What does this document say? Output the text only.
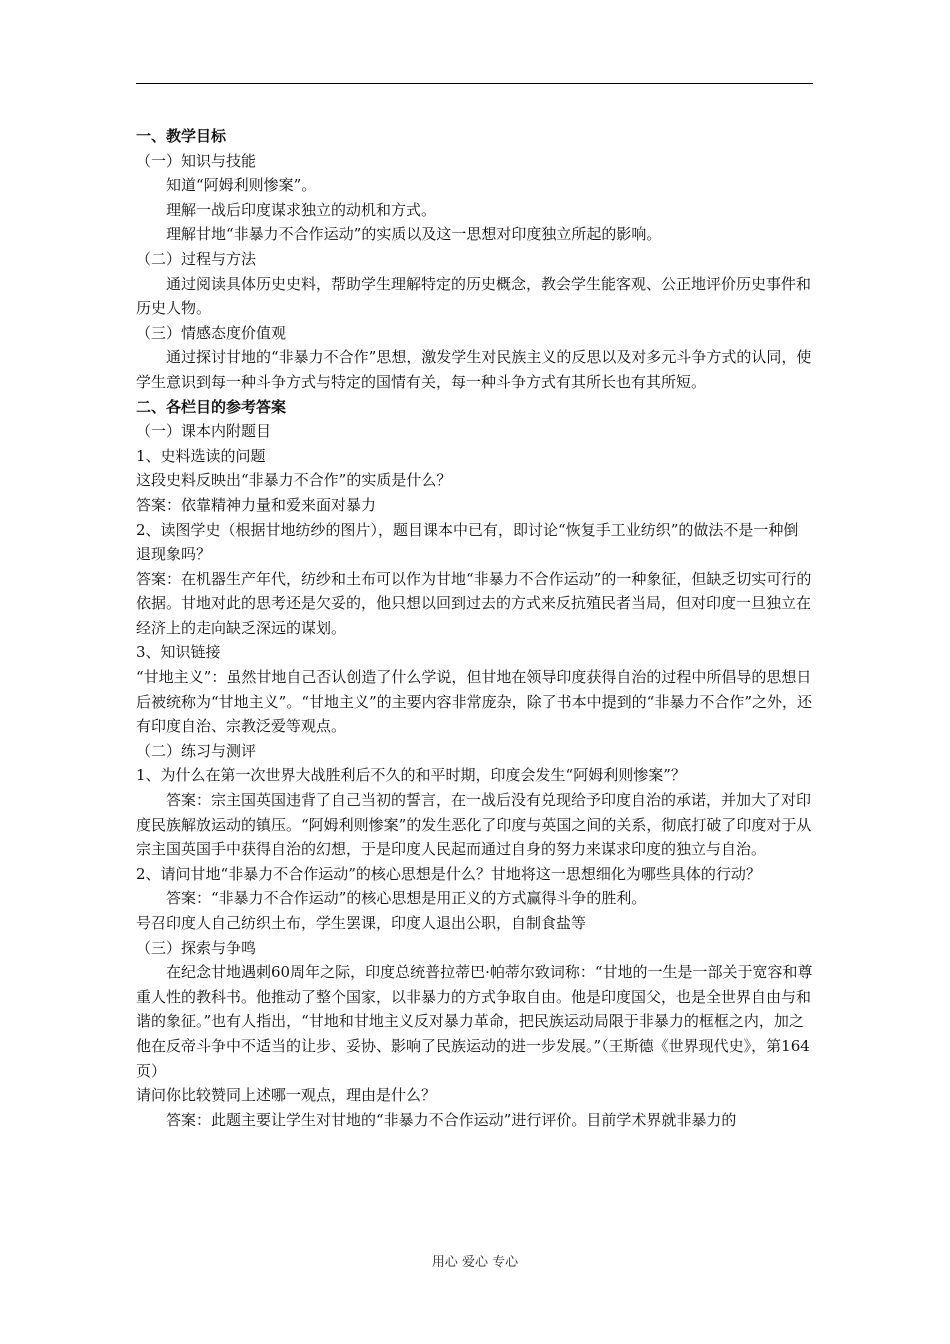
一、教学目标

（一）知识与技能

知道“阿姆利则惨案”。

理解一战后印度谋求独立的动机和方式。

理解甘地“非暴力不合作运动”的实质以及这一思想对印度独立所起的影响。

（二）过程与方法

通过阅读具体历史史料，帮助学生理解特定的历史概念，教会学生能客观、公正地评价历史事件和历史人物。

（三）情感态度价值观

通过探讨甘地的“非暴力不合作”思想，激发学生对民族主义的反思以及对多元斗争方式的认同，使学生意识到每一种斗争方式与特定的国情有关，每一种斗争方式有其所长也有其所短。

二、各栏目的参考答案

（一）课本内附题目

1、史料选读的问题

这段史料反映出“非暴力不合作”的实质是什么？

答案：依靠精神力量和爱来面对暴力

2、读图学史（根据甘地纺纱的图片），题目课本中已有，即讨论“恢复手工业纺织”的做法不是一种倒退现象吗？

答案：在机器生产年代，纺纱和土布可以作为甘地“非暴力不合作运动”的一种象征，但缺乏切实可行的依据。甘地对此的思考还是欠妥的，他只想以回到过去的方式来反抗殖民者当局，但对印度一旦独立在经济上的走向缺乏深远的谋划。

3、知识链接

“甘地主义”：虽然甘地自己否认创造了什么学说，但甘地在领导印度获得自治的过程中所倡导的思想日后被统称为“甘地主义”。“甘地主义”的主要内容非常庞杂，除了书本中提到的“非暴力不合作”之外，还有印度自治、宗教泛爱等观点。

（二）练习与测评

1、为什么在第一次世界大战胜利后不久的和平时期，印度会发生“阿姆利则惨案”？

答案：宗主国英国违背了自己当初的誓言，在一战后没有兑现给予印度自治的承诺，并加大了对印度民族解放运动的镇压。“阿姆利则惨案”的发生恶化了印度与英国之间的关系，彻底打破了印度对于从宗主国英国手中获得自治的幻想，于是印度人民起而通过自身的努力来谋求印度的独立与自治。

2、请问甘地“非暴力不合作运动”的核心思想是什么？甘地将这一思想细化为哪些具体的行动？

答案：“非暴力不合作运动”的核心思想是用正义的方式赢得斗争的胜利。

号召印度人自己纺织土布，学生罢课，印度人退出公职，自制食盐等

（三）探索与争鸣

在纪念甘地遇刺60周年之际，印度总统普拉蒂巴·帕蒂尔致词称：“甘地的一生是一部关于宽容和尊重人性的教科书。他推动了整个国家，以非暴力的方式争取自由。他是印度国父，也是全世界自由与和谐的象征。”也有人指出，“甘地和甘地主义反对暴力革命，把民族运动局限于非暴力的框框之内，加之他在反帝斗争中不适当的让步、妥协、影响了民族运动的进一步发展。”（王斯德《世界现代史》，第164页）

请问你比较赞同上述哪一观点，理由是什么？

答案：此题主要让学生对甘地的“非暴力不合作运动”进行评价。目前学术界就非暴力的

用心 爱心 专心
